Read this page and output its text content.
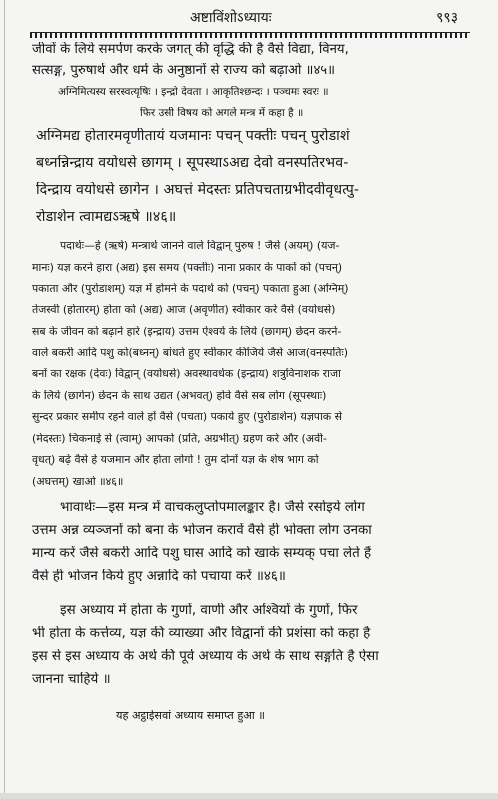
अष्टाविंशोऽध्यायः	९९३
जीवों के लिये समर्पण करके जगत् की वृद्धि की है वैसे विद्या, विनय,
सत्सङ्ग, पुरुषार्थ और धर्म के अनुष्ठानों से राज्य को बढ़ाओ ॥४५॥
अग्निमित्यस्य सरस्वत्यृषिः । इन्द्रो देवता । आकृतिश्छन्दः । पञ्चमः स्वरः ॥
फिर उसी विषय को अगले मन्त्र में कहा है ॥
अग्निमद्य होतारमवृणीतायं यजमानः पचन् पक्तीः पचन् पुरोडाशं
बध्नन्निन्द्राय वयोधसे छागम् । सूपस्थाऽअद्य देवो वनस्पतिरभव-
दिन्द्राय वयोधसे छागेन । अघत्तं मेदस्तः प्रतिपचताग्रभीदवीवृधत्पु-
रोडाशेन त्वामद्यऽऋषे ॥४६॥
पदार्थः—हे (ऋषे) मन्त्रार्थ जानने वाले विद्वान् पुरुष ! जैसे (अयम्) (यज-
मानः) यज्ञ करने हारा (अद्य) इस समय (पक्तीः) नाना प्रकार के पाकों को (पचन्)
पकाता और (पुरोडाशम्) यज्ञ में होमने के पदार्थ को (पचन्) पकाता हुआ (अग्निम्)
तेजस्वी (होतारम्) होता को (अद्य) आज (अवृणीत) स्वीकार करे वैसे (वयोधसे)
सब के जीवन को बढ़ाने हारे (इन्द्राय) उत्तम ऐश्वर्य के लिये (छागम्) छेदन करने-
वाले बकरी आदि पशु को(बध्नन्) बांधते हुए स्वीकार कीजिये जैसे आज(वनस्पतिः)
बनों का रक्षक (देवः) विद्वान् (वयोधसे) अवस्थावर्धक (इन्द्राय) शत्रुविनाशक राजा
के लिये (छागेन) छेदन के साथ उद्यत (अभवत्) होवे वैसे सब लोग (सूपस्थाः)
सुन्दर प्रकार समीप रहने वाले हों वैसे (पचता) पकाये हुए (पुरोडाशेन) यज्ञपाक से
(मेदस्तः) चिकनाई से (त्वाम्) आपको (प्रति, अग्रभीत्) ग्रहण करे और (अवी-
वृधत्) बढ़े वैसे हे यजमान और होता लोगो ! तुम दोनों यज्ञ के शेष भाग को
(अघत्तम्) खाओ ॥४६॥
भावार्थः—इस मन्त्र में वाचकलुप्तोपमालङ्कार है। जैसे रसोइये लोग
उत्तम अन्न व्यञ्जनों को बना के भोजन करावें वैसे ही भोक्ता लोग उनका
मान्य करें जैसे बकरी आदि पशु घास आदि को खाके सम्यक् पचा लेते हैं
वैसे ही भोजन किये हुए अन्नादि को पचाया करें ॥४६॥
इस अध्याय में होता के गुणों, वाणी और अश्वियों के गुणों, फिर
भी होता के कर्त्तव्य, यज्ञ की व्याख्या और विद्वानों की प्रशंसा को कहा है
इस से इस अध्याय के अर्थ की पूर्व अध्याय के अर्थ के साथ सङ्गति है ऐसा
जानना चाहिये ॥
यह अट्ठाईसवां अध्याय समाप्त हुआ ॥
